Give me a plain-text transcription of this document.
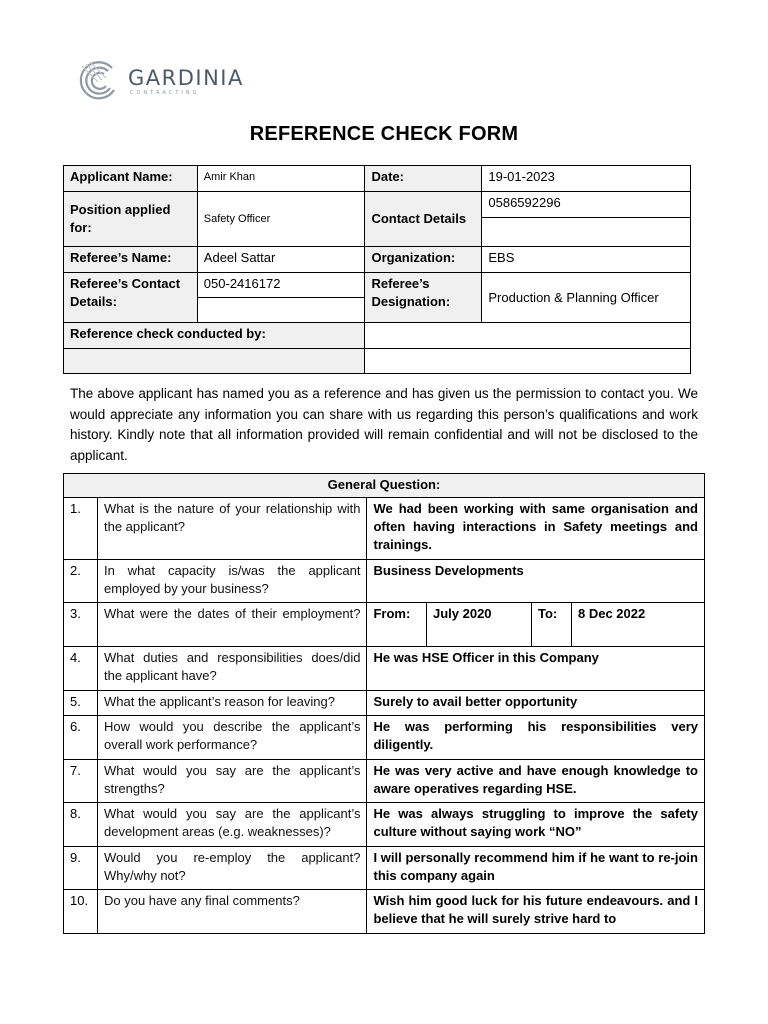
GARDINIA
CONTRACTING
REFERENCE CHECK FORM
Applicant Name:	Amir Khan	Date:	19-01-2023
Position applied for:	Safety Officer	Contact Details	0586592296

Referee’s Name:	Adeel Sattar	Organization:	EBS
Referee’s Contact Details:	050-2416172	Referee’s Designation:	Production & Planning Officer

Reference check conducted by:			

The above applicant has named you as a reference and has given us the permission to contact you. We would appreciate any information you can share with us regarding this person’s qualifications and work history. Kindly note that all information provided will remain confidential and will not be disclosed to the applicant.
General Question:
1.	What is the nature of your relationship with the applicant?	We had been working with same organisation and often having interactions in Safety meetings and trainings.
2.	In what capacity is/was the applicant employed by your business?	Business Developments
3.	What were the dates of their employment?	From:	July 2020	To:	8 Dec 2022

4.	What duties and responsibilities does/did the applicant have?	He was HSE Officer in this Company
5.	What the applicant’s reason for leaving?	Surely to avail better opportunity
6.	How would you describe the applicant’s overall work performance?	He was performing his responsibilities very diligently.
7.	What would you say are the applicant’s strengths?	He was very active and have enough knowledge to aware operatives regarding HSE.
8.	What would you say are the applicant’s development areas (e.g. weaknesses)?	He was always struggling to improve the safety culture without saying work “NO”
9.	Would you re-employ the applicant? Why/why not?	I will personally recommend him if he want to re-join this company again
10.	Do you have any final comments?	Wish him good luck for his future endeavours. and I believe that he will surely strive hard to
